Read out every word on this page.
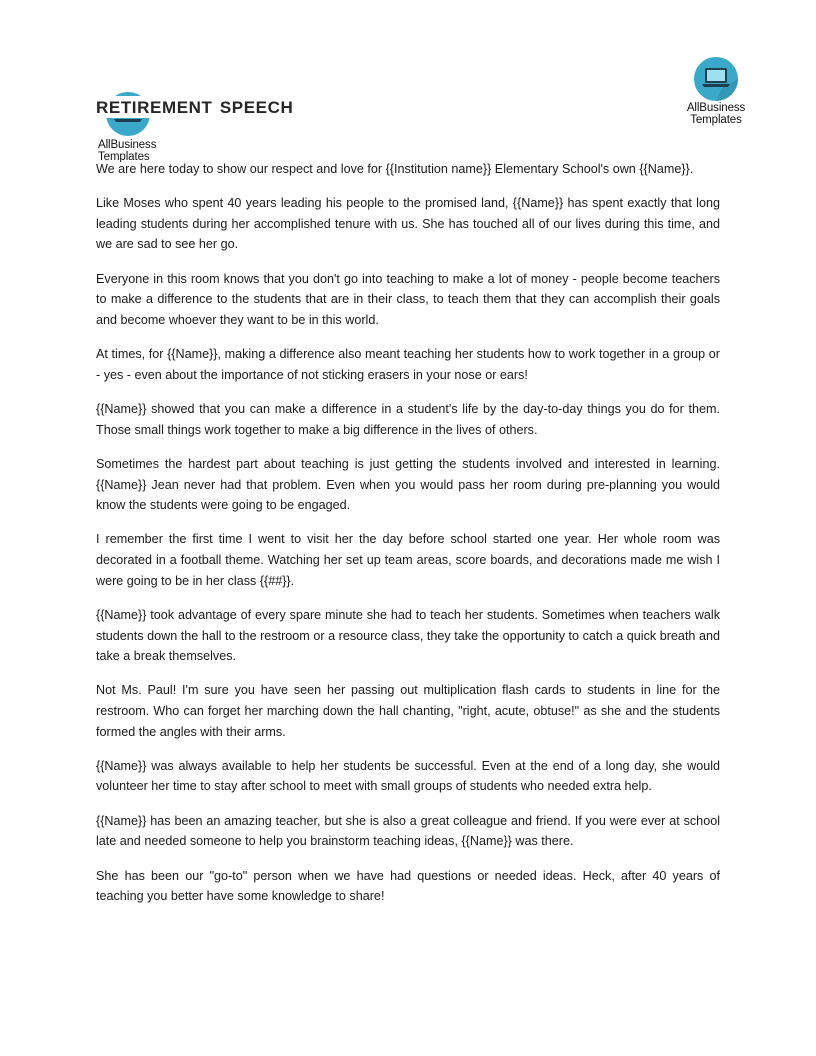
AllBusiness
Templates
AllBusiness
Templates
RETIREMENT SPEECH

We are here today to show our respect and love for {{Institution name}} Elementary School's own {{Name}}.

Like Moses who spent 40 years leading his people to the promised land, {{Name}} has spent exactly that long leading students during her accomplished tenure with us. She has touched all of our lives during this time, and we are sad to see her go.

Everyone in this room knows that you don't go into teaching to make a lot of money - people become teachers to make a difference to the students that are in their class, to teach them that they can accomplish their goals and become whoever they want to be in this world.

At times, for {{Name}}, making a difference also meant teaching her students how to work together in a group or - yes - even about the importance of not sticking erasers in your nose or ears!

{{Name}} showed that you can make a difference in a student's life by the day-to-day things you do for them. Those small things work together to make a big difference in the lives of others.

Sometimes the hardest part about teaching is just getting the students involved and interested in learning. {{Name}} Jean never had that problem. Even when you would pass her room during pre-planning you would know the students were going to be engaged.

I remember the first time I went to visit her the day before school started one year. Her whole room was decorated in a football theme. Watching her set up team areas, score boards, and decorations made me wish I were going to be in her class {{##}}.

{{Name}} took advantage of every spare minute she had to teach her students. Sometimes when teachers walk students down the hall to the restroom or a resource class, they take the opportunity to catch a quick breath and take a break themselves.

Not Ms. Paul! I'm sure you have seen her passing out multiplication flash cards to students in line for the restroom. Who can forget her marching down the hall chanting, "right, acute, obtuse!" as she and the students formed the angles with their arms.

{{Name}} was always available to help her students be successful. Even at the end of a long day, she would volunteer her time to stay after school to meet with small groups of students who needed extra help.

{{Name}} has been an amazing teacher, but she is also a great colleague and friend. If you were ever at school late and needed someone to help you brainstorm teaching ideas, {{Name}} was there.

She has been our "go-to" person when we have had questions or needed ideas. Heck, after 40 years of teaching you better have some knowledge to share!
